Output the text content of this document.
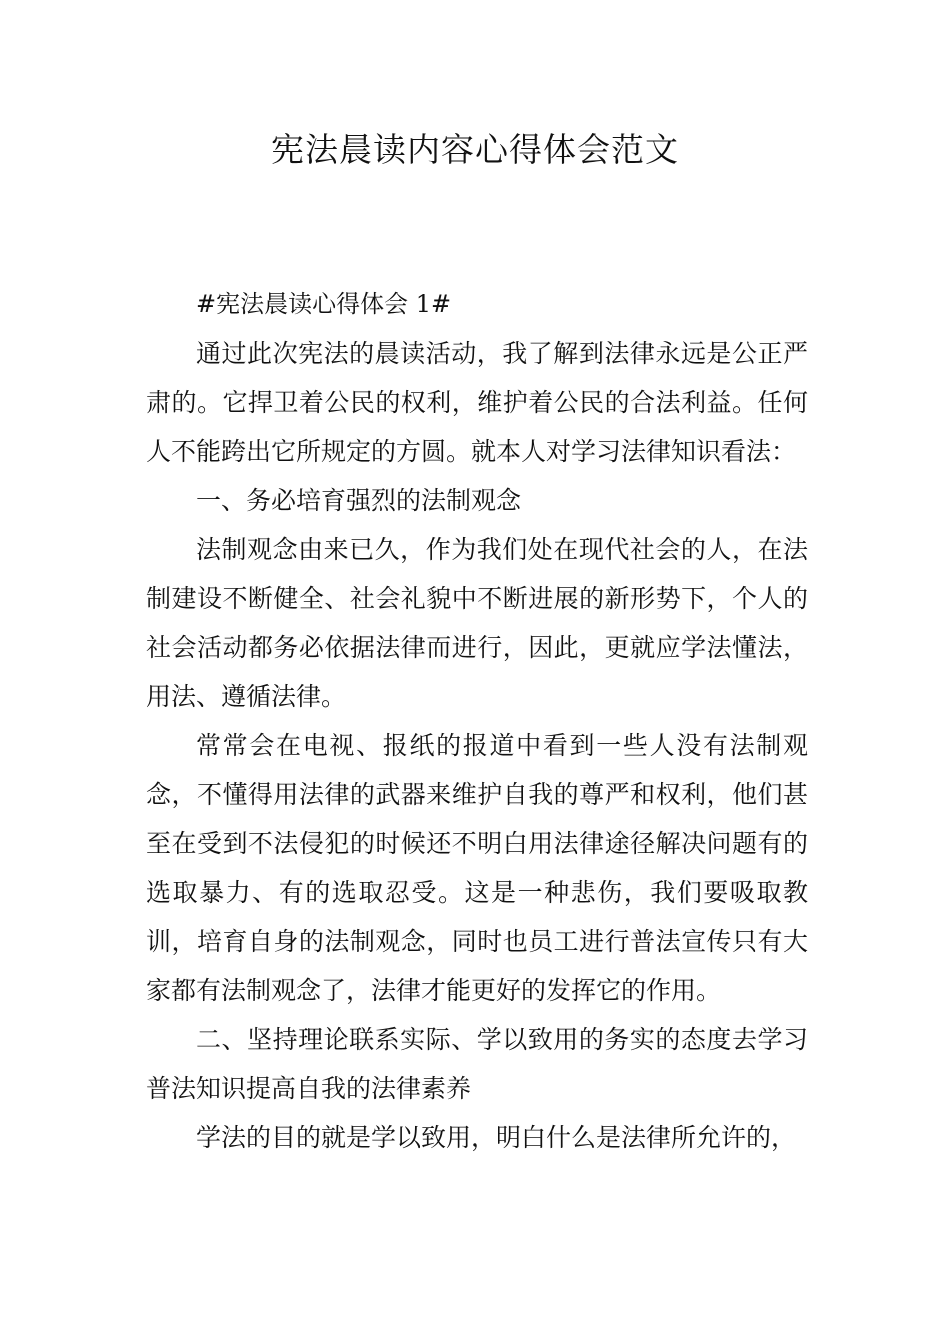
宪法晨读内容心得体会范文

#宪法晨读心得体会 1#

通过此次宪法的晨读活动，我了解到法律永远是公正严肃的。它捍卫着公民的权利，维护着公民的合法利益。任何人不能跨出它所规定的方圆。就本人对学习法律知识看法：

一、务必培育强烈的法制观念

法制观念由来已久，作为我们处在现代社会的人，在法制建设不断健全、社会礼貌中不断进展的新形势下，个人的社会活动都务必依据法律而进行，因此，更就应学法懂法，用法、遵循法律。

常常会在电视、报纸的报道中看到一些人没有法制观念，不懂得用法律的武器来维护自我的尊严和权利，他们甚至在受到不法侵犯的时候还不明白用法律途径解决问题有的选取暴力、有的选取忍受。这是一种悲伤，我们要吸取教训，培育自身的法制观念，同时也员工进行普法宣传只有大家都有法制观念了，法律才能更好的发挥它的作用。

二、坚持理论联系实际、学以致用的务实的态度去学习普法知识提高自我的法律素养

学法的目的就是学以致用，明白什么是法律所允许的，
